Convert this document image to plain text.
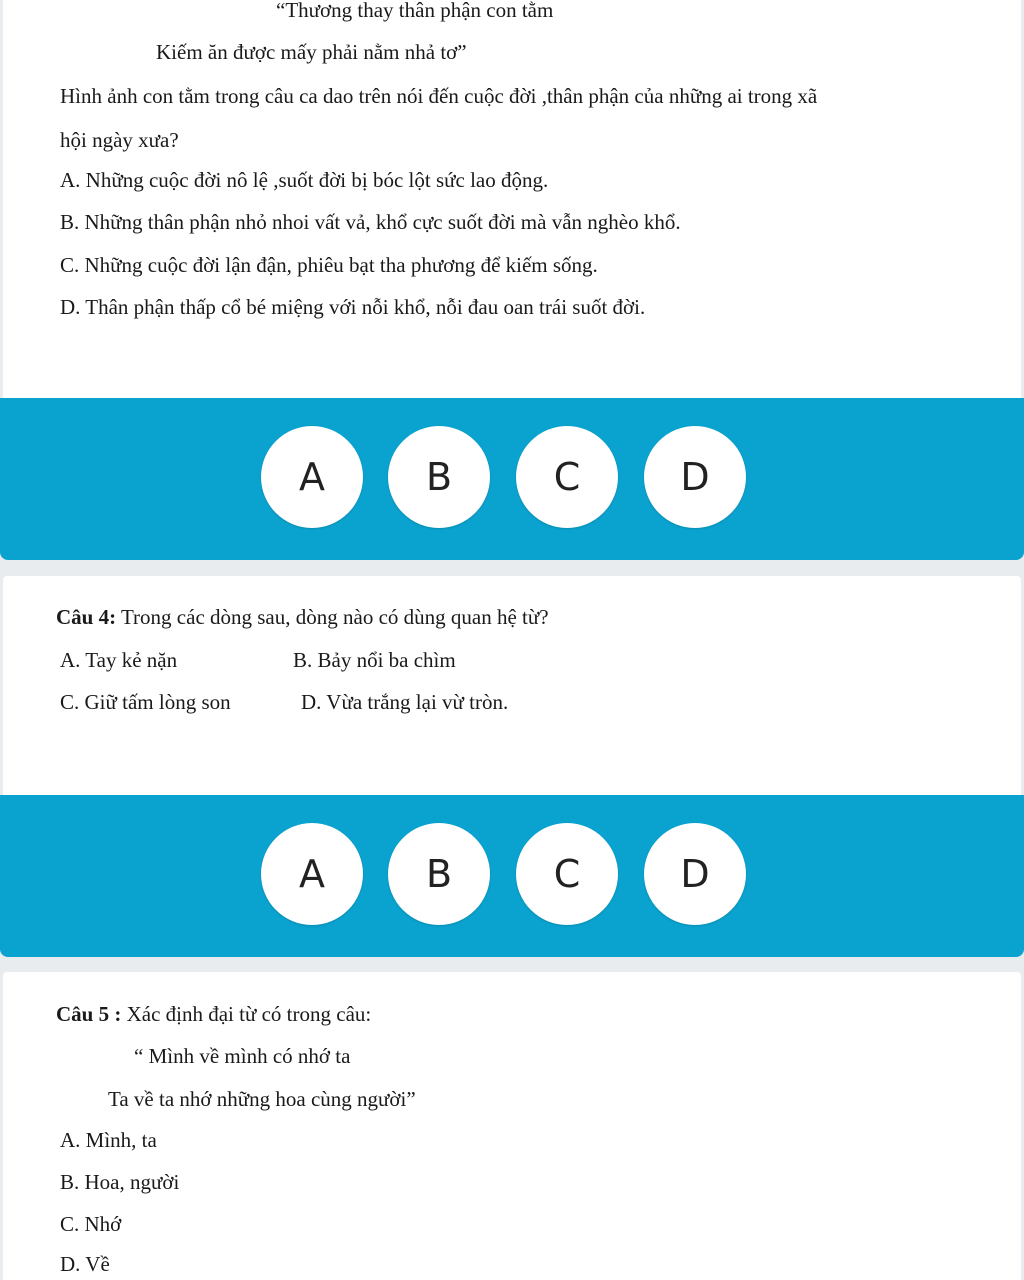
“Thương thay thân phận con tằm
Kiếm ăn được mấy phải nằm nhả tơ”
Hình ảnh con tằm trong câu ca dao trên nói đến cuộc đời ,thân phận của những ai trong xã
hội ngày xưa?
A. Những cuộc đời nô lệ ,suốt đời bị bóc lột sức lao động.
B. Những thân phận nhỏ nhoi vất vả, khổ cực suốt đời mà vẫn nghèo khổ.
C. Những cuộc đời lận đận, phiêu bạt tha phương để kiếm sống.
D. Thân phận thấp cổ bé miệng với nỗi khổ, nỗi đau oan trái suốt đời.
A	B	C	D
Câu 4: Trong các dòng sau, dòng nào có dùng quan hệ từ?
A. Tay kẻ nặn	B. Bảy nổi ba chìm
C. Giữ tấm lòng son	D. Vừa trắng lại vừ tròn.
A	B	C	D
Câu 5 : Xác định đại từ có trong câu:
“ Mình về mình có nhớ ta
Ta về ta nhớ những hoa cùng người”
A. Mình, ta
B. Hoa, người
C. Nhớ
D. Về
